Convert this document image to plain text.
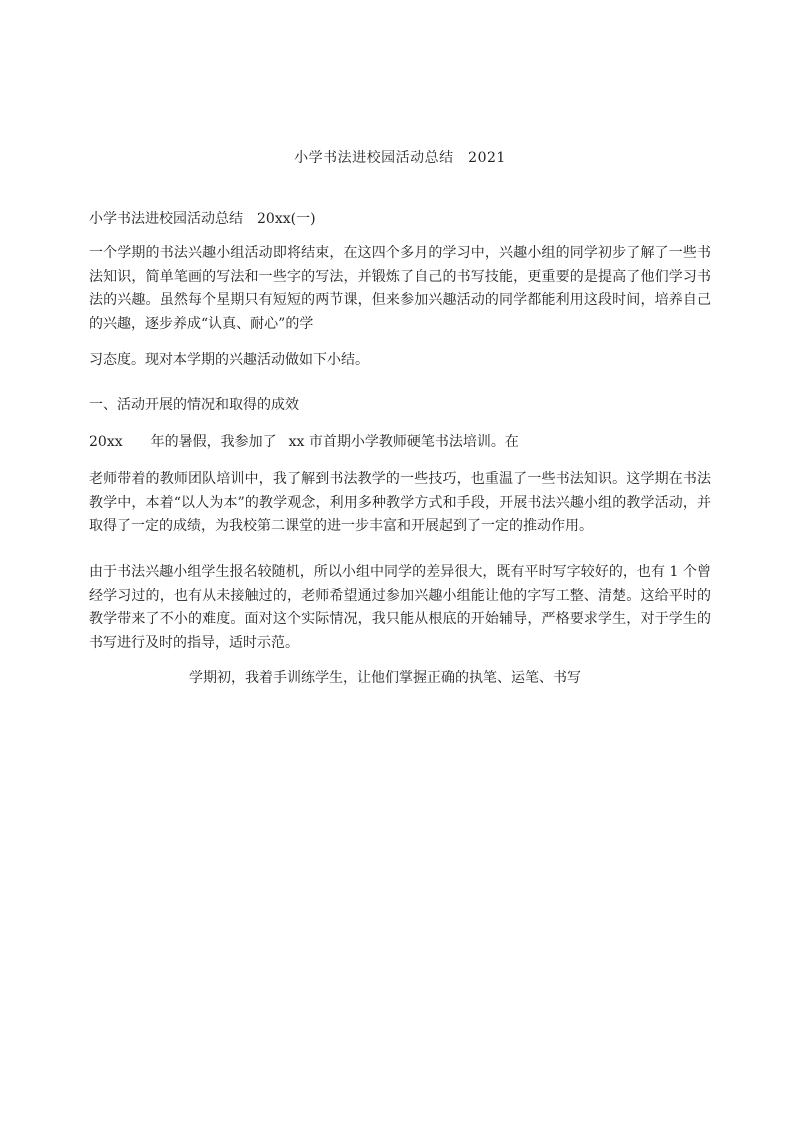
小学书法进校园活动总结　2021
小学书法进校园活动总结　20xx(一)
一个学期的书法兴趣小组活动即将结束，在这四个多月的学习中，兴趣小组的同学初步了解了一些书法知识，简单笔画的写法和一些字的写法，并锻炼了自己的书写技能，更重要的是提高了他们学习书法的兴趣。虽然每个星期只有短短的两节课，但来参加兴趣活动的同学都能利用这段时间，培养自己的兴趣，逐步养成“认真、耐心”的学
习态度。现对本学期的兴趣活动做如下小结。
一、活动开展的情况和取得的成效
20xx 年的暑假，我参加了 xx 市首期小学教师硬笔书法培训。在
老师带着的教师团队培训中，我了解到书法教学的一些技巧，也重温了一些书法知识。这学期在书法教学中，本着“以人为本”的教学观念，利用多种教学方式和手段，开展书法兴趣小组的教学活动，并取得了一定的成绩，为我校第二课堂的进一步丰富和开展起到了一定的推动作用。
由于书法兴趣小组学生报名较随机，所以小组中同学的差异很大，既有平时写字较好的，也有 1 个曾经学习过的，也有从未接触过的，老师希望通过参加兴趣小组能让他的字写工整、清楚。这给平时的教学带来了不小的难度。面对这个实际情况，我只能从根底的开始辅导，严格要求学生，对于学生的书写进行及时的指导，适时示范。
学期初，我着手训练学生，让他们掌握正确的执笔、运笔、书写
